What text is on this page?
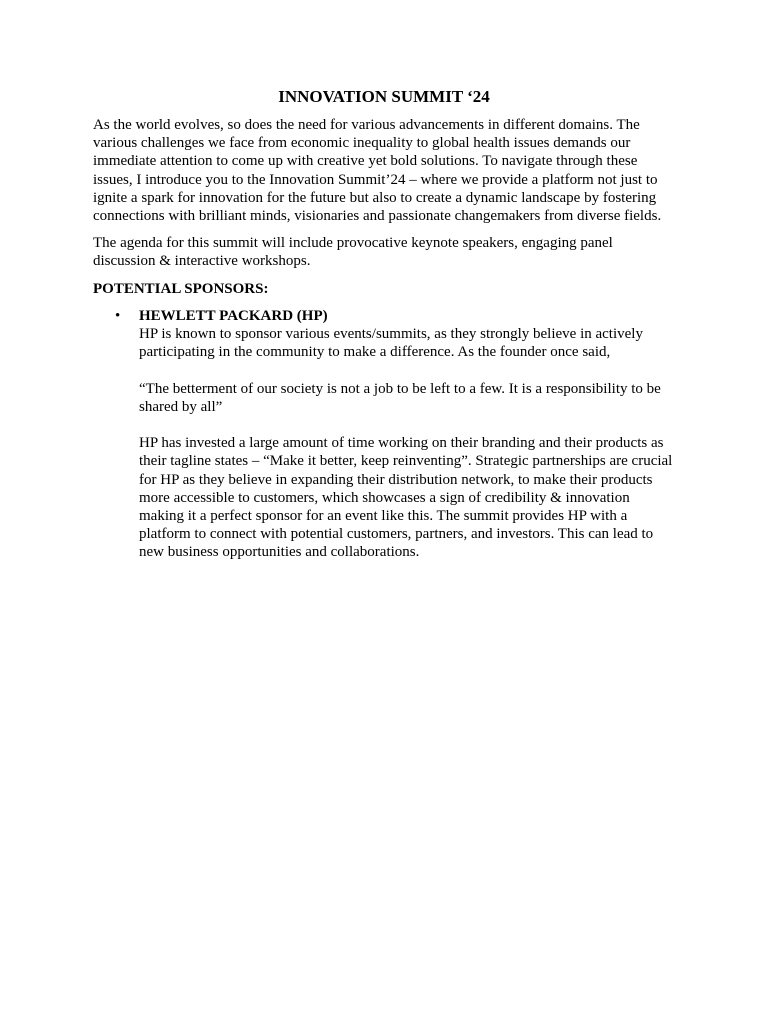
INNOVATION SUMMIT ‘24

As the world evolves, so does the need for various advancements in different domains. The various challenges we face from economic inequality to global health issues demands our immediate attention to come up with creative yet bold solutions. To navigate through these issues, I introduce you to the Innovation Summit’24 – where we provide a platform not just to ignite a spark for innovation for the future but also to create a dynamic landscape by fostering connections with brilliant minds, visionaries and passionate changemakers from diverse fields.

The agenda for this summit will include provocative keynote speakers, engaging panel discussion & interactive workshops.

POTENTIAL SPONSORS:

• HEWLETT PACKARD (HP)

HP is known to sponsor various events/summits, as they strongly believe in actively participating in the community to make a difference. As the founder once said,

“The betterment of our society is not a job to be left to a few. It is a responsibility to be shared by all”

HP has invested a large amount of time working on their branding and their products as their tagline states – “Make it better, keep reinventing”. Strategic partnerships are crucial for HP as they believe in expanding their distribution network, to make their products more accessible to customers, which showcases a sign of credibility & innovation making it a perfect sponsor for an event like this. The summit provides HP with a platform to connect with potential customers, partners, and investors. This can lead to new business opportunities and collaborations.
